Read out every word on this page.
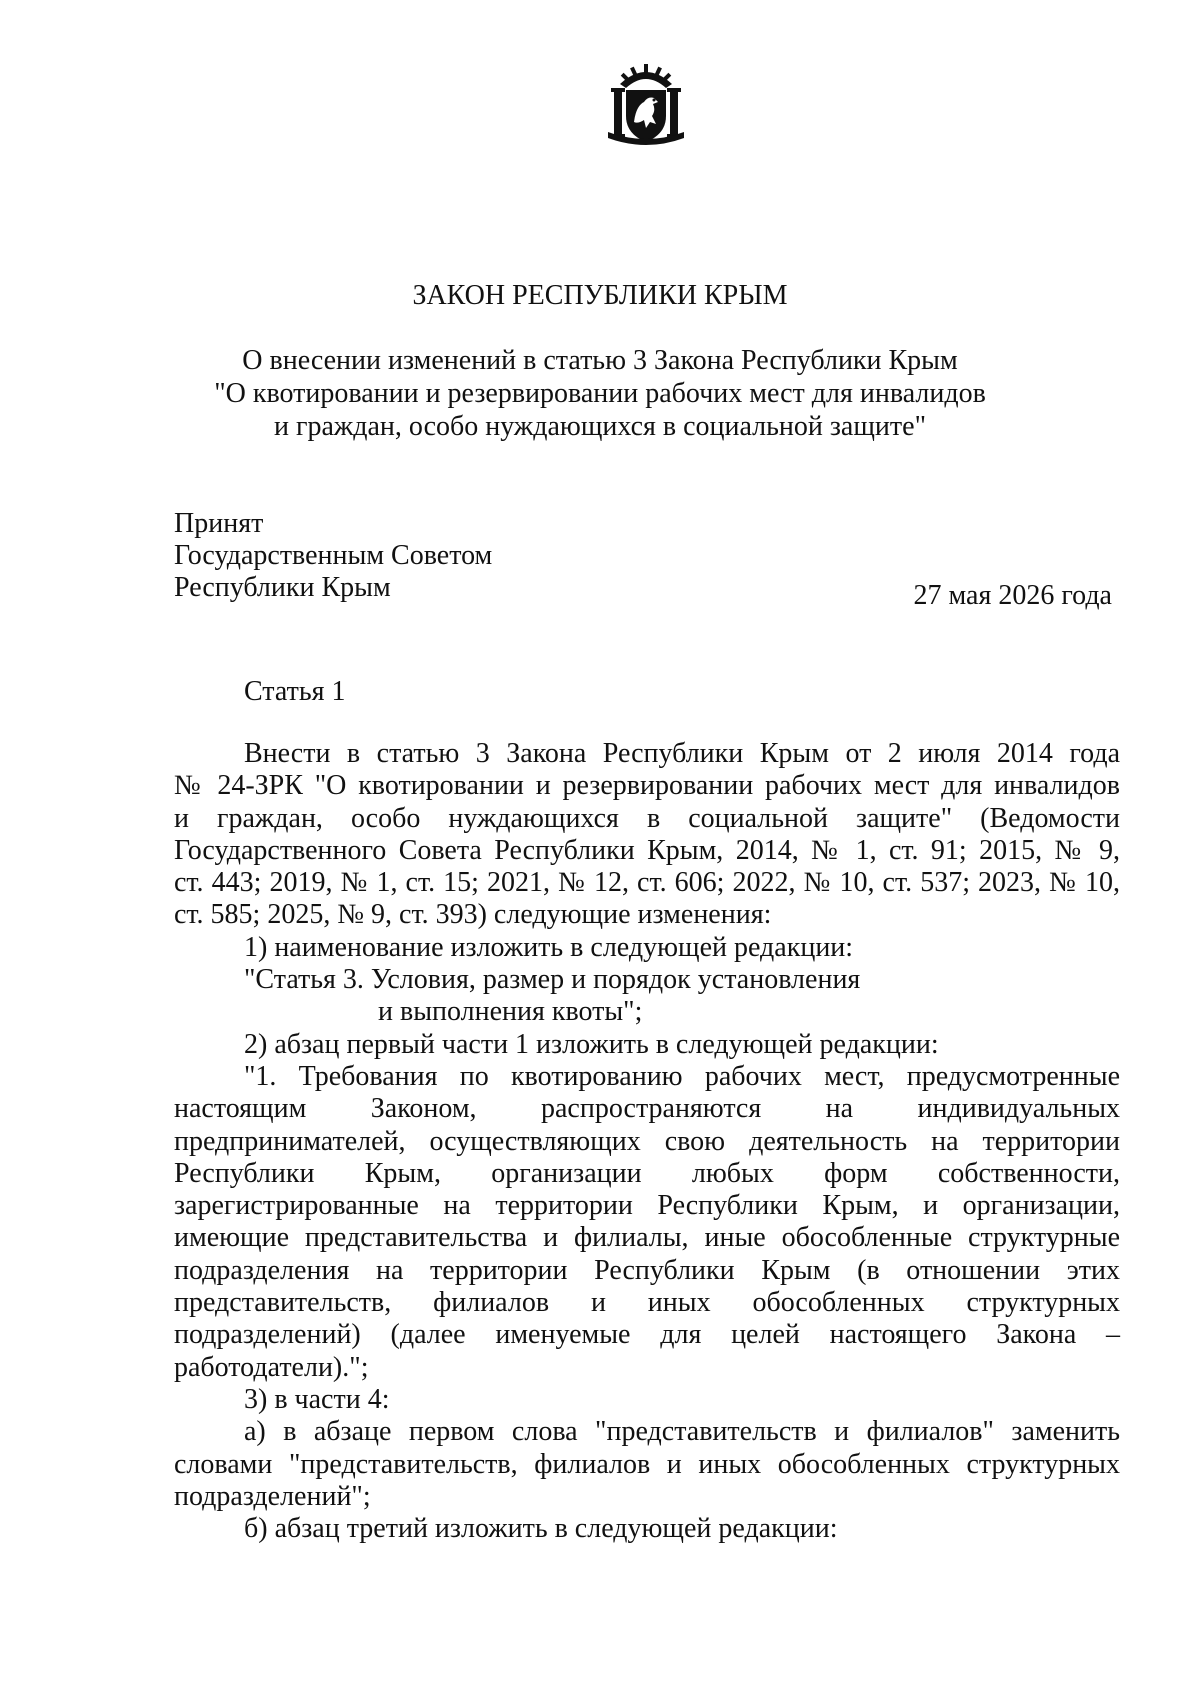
ЗАКОН РЕСПУБЛИКИ КРЫМ
О внесении изменений в статью 3 Закона Республики Крым
"О квотировании и резервировании рабочих мест для инвалидов
и граждан, особо нуждающихся в социальной защите"
Принят
Государственным Советом
Республики Крым	27 мая 2026 года
Статья 1
Внести в статью 3 Закона Республики Крым от 2 июля 2014 года
№ 24-ЗРК "О квотировании и резервировании рабочих мест для инвалидов
и граждан, особо нуждающихся в социальной защите" (Ведомости
Государственного Совета Республики Крым, 2014, № 1, ст. 91; 2015, № 9,
ст. 443; 2019, № 1, ст. 15; 2021, № 12, ст. 606; 2022, № 10, ст. 537; 2023, № 10,
ст. 585; 2025, № 9, ст. 393) следующие изменения:
1) наименование изложить в следующей редакции:
"Статья 3. Условия, размер и порядок установления
и выполнения квоты";
2) абзац первый части 1 изложить в следующей редакции:
"1. Требования по квотированию рабочих мест, предусмотренные
настоящим Законом, распространяются на индивидуальных
предпринимателей, осуществляющих свою деятельность на территории
Республики Крым, организации любых форм собственности,
зарегистрированные на территории Республики Крым, и организации,
имеющие представительства и филиалы, иные обособленные структурные
подразделения на территории Республики Крым (в отношении этих
представительств, филиалов и иных обособленных структурных
подразделений) (далее именуемые для целей настоящего Закона –
работодатели).";
3) в части 4:
а) в абзаце первом слова "представительств и филиалов" заменить
словами "представительств, филиалов и иных обособленных структурных
подразделений";
б) абзац третий изложить в следующей редакции:
